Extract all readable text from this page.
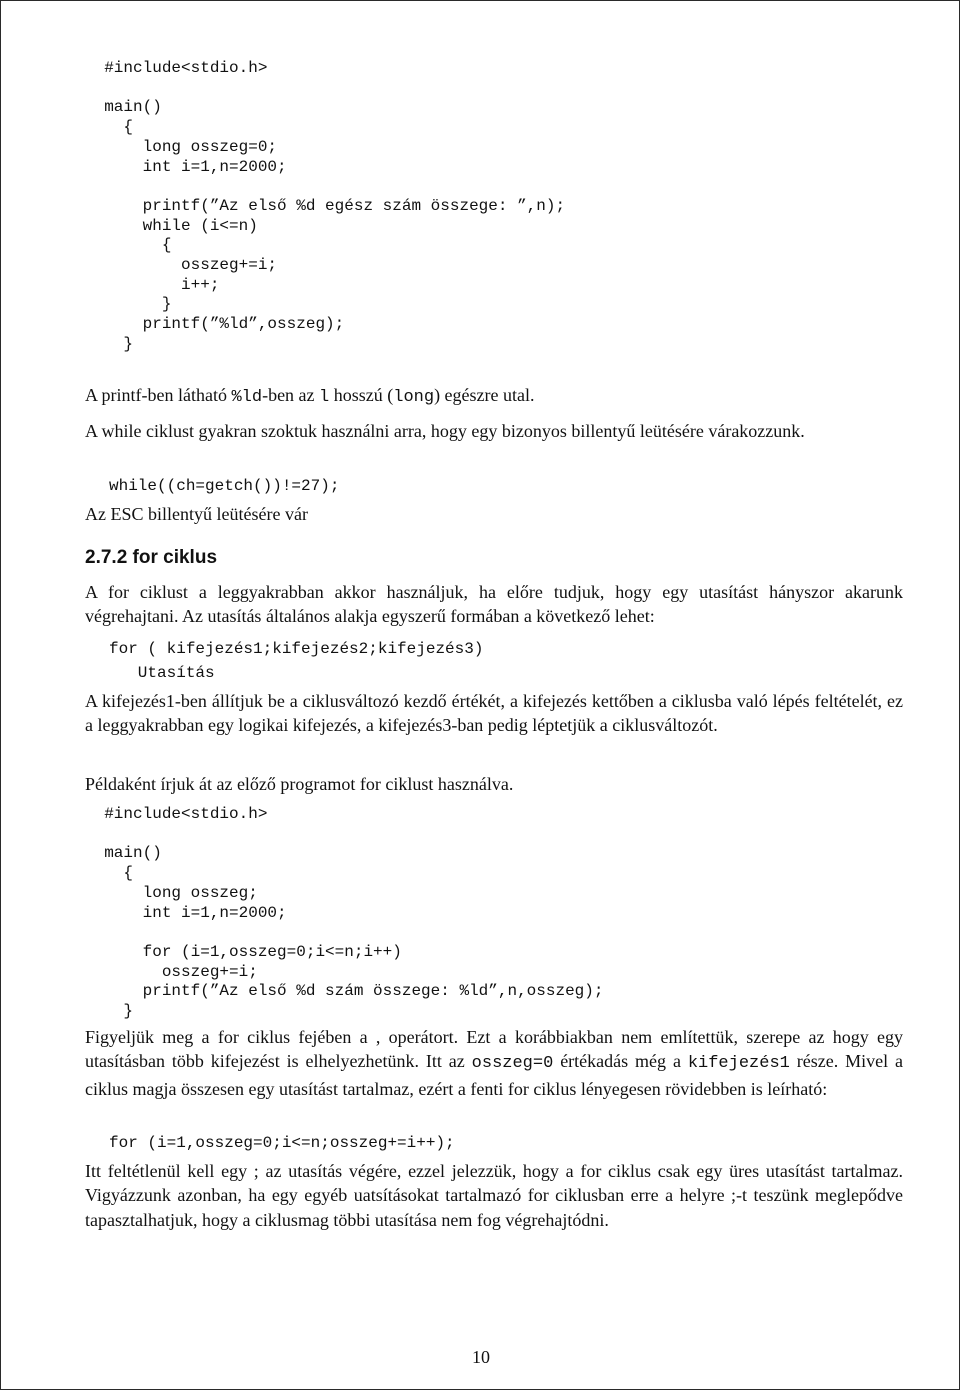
#include<stdio.h>

main()
{
long osszeg=0;
int i=1,n=2000;

printf(”Az első %d egész szám összege: ”,n);
while (i<=n)
{
osszeg+=i;
i++;
}
printf(”%ld”,osszeg);
}

A printf-ben látható %ld-ben az l hosszú (long) egészre utal.

A while ciklust gyakran szoktuk használni arra, hogy egy bizonyos billentyű leütésére várakozzunk.

while((ch=getch())!=27);

Az ESC billentyű leütésére vár

2.7.2 for ciklus

A for ciklust a leggyakrabban akkor használjuk, ha előre tudjuk, hogy egy utasítást hányszor akarunk végrehajtani. Az utasítás általános alakja egyszerű formában a következő lehet:

for ( kifejezés1;kifejezés2;kifejezés3)
Utasítás

A kifejezés1-ben állítjuk be a ciklusváltozó kezdő értékét, a kifejezés kettőben a ciklusba való lépés feltételét, ez a leggyakrabban egy logikai kifejezés, a kifejezés3-ban pedig léptetjük a ciklusváltozót.

Példaként írjuk át az előző programot for ciklust használva.

#include<stdio.h>

main()
{
long osszeg;
int i=1,n=2000;

for (i=1,osszeg=0;i<=n;i++)
osszeg+=i;
printf(”Az első %d szám összege: %ld”,n,osszeg);
}

Figyeljük meg a for ciklus fejében a , operátort. Ezt a korábbiakban nem említettük, szerepe az hogy egy utasításban több kifejezést is elhelyezhetünk. Itt az osszeg=0 értékadás még a kifejezés1 része. Mivel a ciklus magja összesen egy utasítást tartalmaz, ezért a fenti for ciklus lényegesen rövidebben is leírható:

for (i=1,osszeg=0;i<=n;osszeg+=i++);

Itt feltétlenül kell egy ; az utasítás végére, ezzel jelezzük, hogy a for ciklus csak egy üres utasítást tartalmaz. Vigyázzunk azonban, ha egy egyéb uatsításokat tartalmazó for ciklusban erre a helyre ;-t teszünk meglepődve tapasztalhatjuk, hogy a ciklusmag többi utasítása nem fog végrehajtódni.

10
